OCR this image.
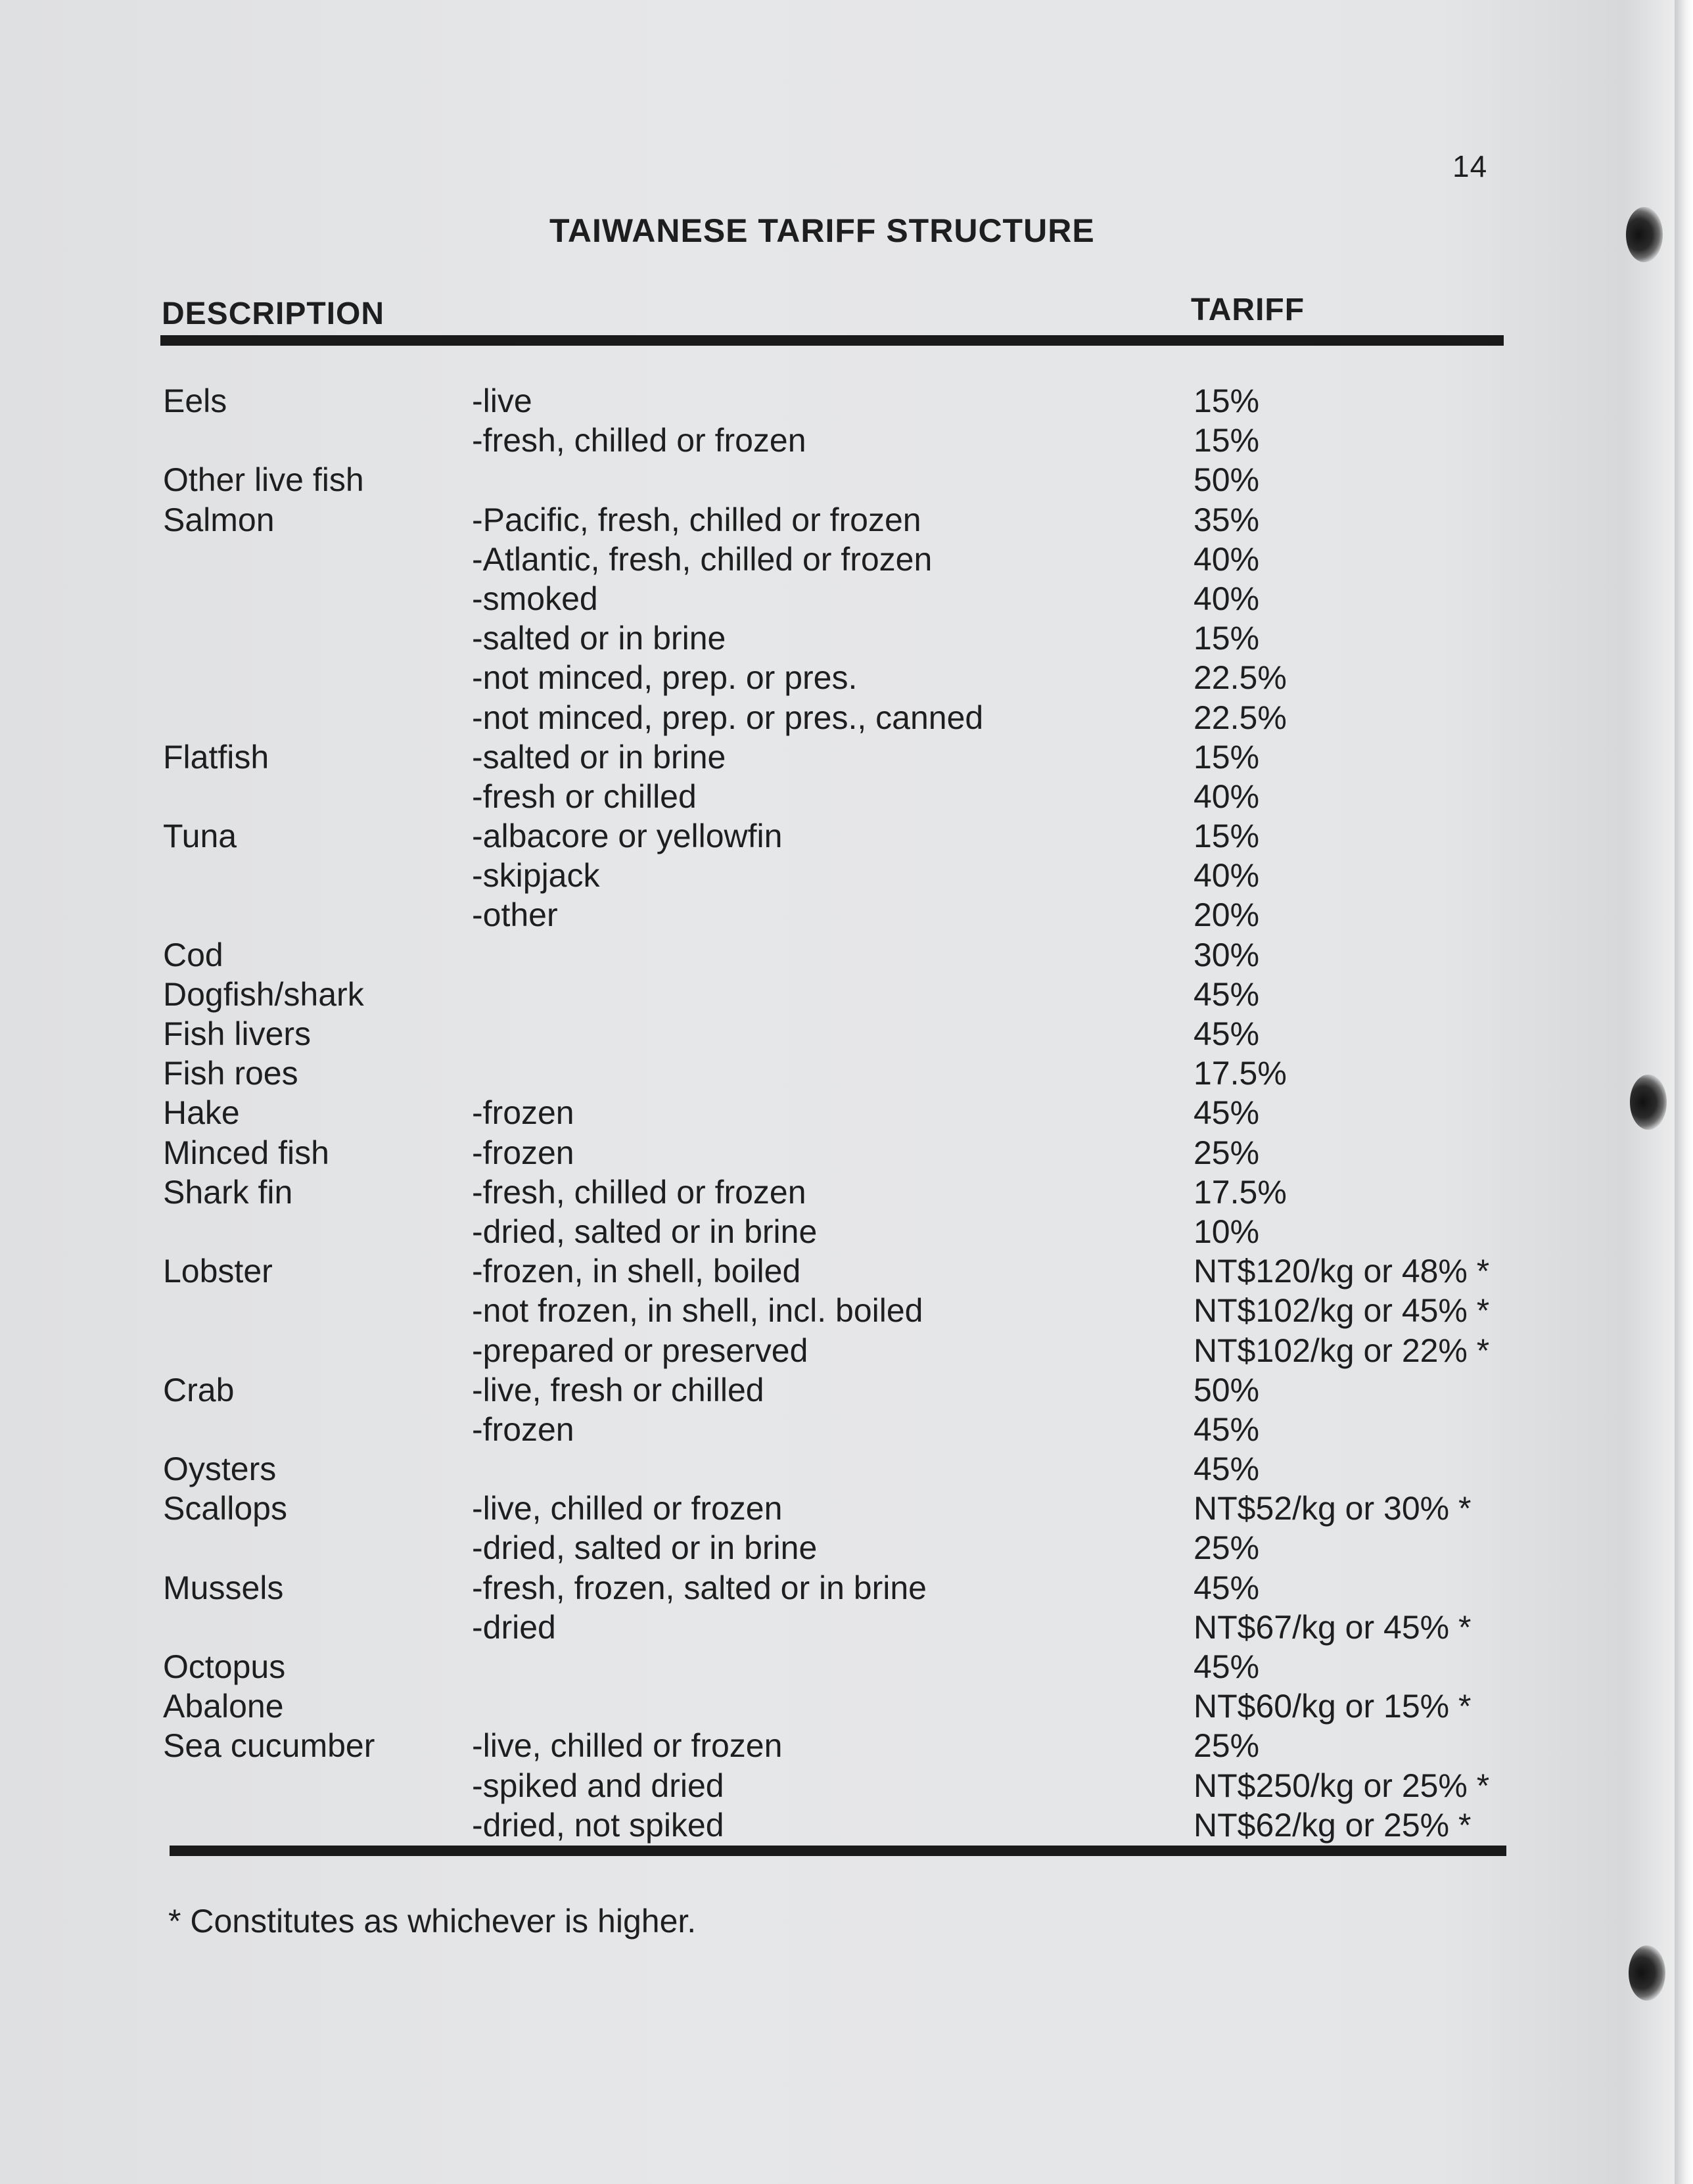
14
TAIWANESE TARIFF STRUCTURE
DESCRIPTION	TARIFF
Eels	-live	15%
-fresh, chilled or frozen	15%
Other live fish	50%
Salmon	-Pacific, fresh, chilled or frozen	35%
-Atlantic, fresh, chilled or frozen	40%
-smoked	40%
-salted or in brine	15%
-not minced, prep. or pres.	22.5%
-not minced, prep. or pres., canned	22.5%
Flatfish	-salted or in brine	15%
-fresh or chilled	40%
Tuna	-albacore or yellowfin	15%
-skipjack	40%
-other	20%
Cod	30%
Dogfish/shark	45%
Fish livers	45%
Fish roes	17.5%
Hake	-frozen	45%
Minced fish	-frozen	25%
Shark fin	-fresh, chilled or frozen	17.5%
-dried, salted or in brine	10%
Lobster	-frozen, in shell, boiled	NT$120/kg or 48% *
-not frozen, in shell, incl. boiled	NT$102/kg or 45% *
-prepared or preserved	NT$102/kg or 22% *
Crab	-live, fresh or chilled	50%
-frozen	45%
Oysters	45%
Scallops	-live, chilled or frozen	NT$52/kg or 30% *
-dried, salted or in brine	25%
Mussels	-fresh, frozen, salted or in brine	45%
-dried	NT$67/kg or 45% *
Octopus	45%
Abalone	NT$60/kg or 15% *
Sea cucumber	-live, chilled or frozen	25%
-spiked and dried	NT$250/kg or 25% *
-dried, not spiked	NT$62/kg or 25% *
* Constitutes as whichever is higher.
